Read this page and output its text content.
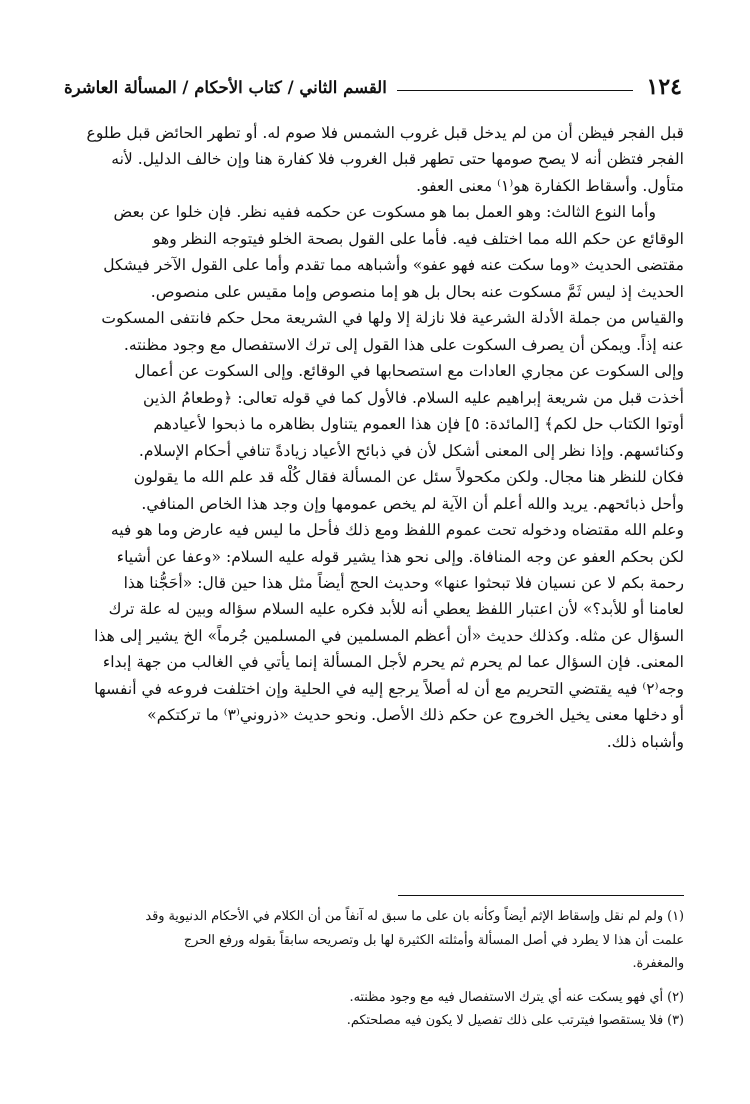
١٢٤
القسم الثاني / كتاب الأحكام / المسألة العاشرة
قبل الفجر فيظن أن من لم يدخل قبل غروب الشمس فلا صوم له. أو تطهر الحائض قبل طلوع
الفجر فتظن أنه لا يصح صومها حتى تطهر قبل الغروب فلا كفارة هنا وإن خالف الدليل. لأنه
متأول. وأسقاط الكفارة هو⁽١⁾ معنى العفو.
وأما النوع الثالث: وهو العمل بما هو مسكوت عن حكمه ففيه نظر. فإن خلوا عن بعض
الوقائع عن حكم الله مما اختلف فيه. فأما على القول بصحة الخلو فيتوجه النظر وهو
مقتضى الحديث «وما سكت عنه فهو عفو» وأشباهه مما تقدم وأما على القول الآخر فيشكل
الحديث إذ ليس ثَمَّ مسكوت عنه بحال بل هو إما منصوص وإما مقيس على منصوص.
والقياس من جملة الأدلة الشرعية فلا نازلة إلا ولها في الشريعة محل حكم فانتفى المسكوت
عنه إذاً. ويمكن أن يصرف السكوت على هذا القول إلى ترك الاستفصال مع وجود مظنته.
وإلى السكوت عن مجاري العادات مع استصحابها في الوقائع. وإلى السكوت عن أعمال
أخذت قبل من شريعة إبراهيم عليه السلام. فالأول كما في قوله تعالى: ﴿وطعامُ الذين
أوتوا الكتاب حل لكم﴾ [المائدة: ٥] فإن هذا العموم يتناول بظاهره ما ذبحوا لأعيادهم
وكنائسهم. وإذا نظر إلى المعنى أشكل لأن في ذبائح الأعياد زيادةً تنافي أحكام الإسلام.
فكان للنظر هنا مجال. ولكن مكحولاً سئل عن المسألة فقال كُلْه قد علم الله ما يقولون
وأحل ذبائحهم. يريد والله أعلم أن الآية لم يخص عمومها وإن وجد هذا الخاص المنافي.
وعلم الله مقتضاه ودخوله تحت عموم اللفظ ومع ذلك فأحل ما ليس فيه عارض وما هو فيه
لكن بحكم العفو عن وجه المنافاة. وإلى نحو هذا يشير قوله عليه السلام: «وعفا عن أشياء
رحمة بكم لا عن نسيان فلا تبحثوا عنها» وحديث الحج أيضاً مثل هذا حين قال: «أحَجُّنا هذا
لعامنا أو للأبد؟» لأن اعتبار اللفظ يعطي أنه للأبد فكره عليه السلام سؤاله وبين له علة ترك
السؤال عن مثله. وكذلك حديث «أن أعظم المسلمين في المسلمين جُرماً» الخ يشير إلى هذا
المعنى. فإن السؤال عما لم يحرم ثم يحرم لأجل المسألة إنما يأتي في الغالب من جهة إبداء
وجه⁽٢⁾ فيه يقتضي التحريم مع أن له أصلاً يرجع إليه في الحلية وإن اختلفت فروعه في أنفسها
أو دخلها معنى يخيل الخروج عن حكم ذلك الأصل. ونحو حديث «ذروني⁽٣⁾ ما تركتكم»
وأشباه ذلك.
(١) ولم لم نقل وإسقاط الإثم أيضاً وكأنه بان على ما سبق له آنفاً من أن الكلام في الأحكام الدنيوية وقد
علمت أن هذا لا يطرد في أصل المسألة وأمثلته الكثيرة لها بل وتصريحه سابقاً بقوله ورفع الحرج
والمغفرة.
(٢) أي فهو يسكت عنه أي يترك الاستفصال فيه مع وجود مظنته.
(٣) فلا يستقصوا فيترتب على ذلك تفصيل لا يكون فيه مصلحتكم.
